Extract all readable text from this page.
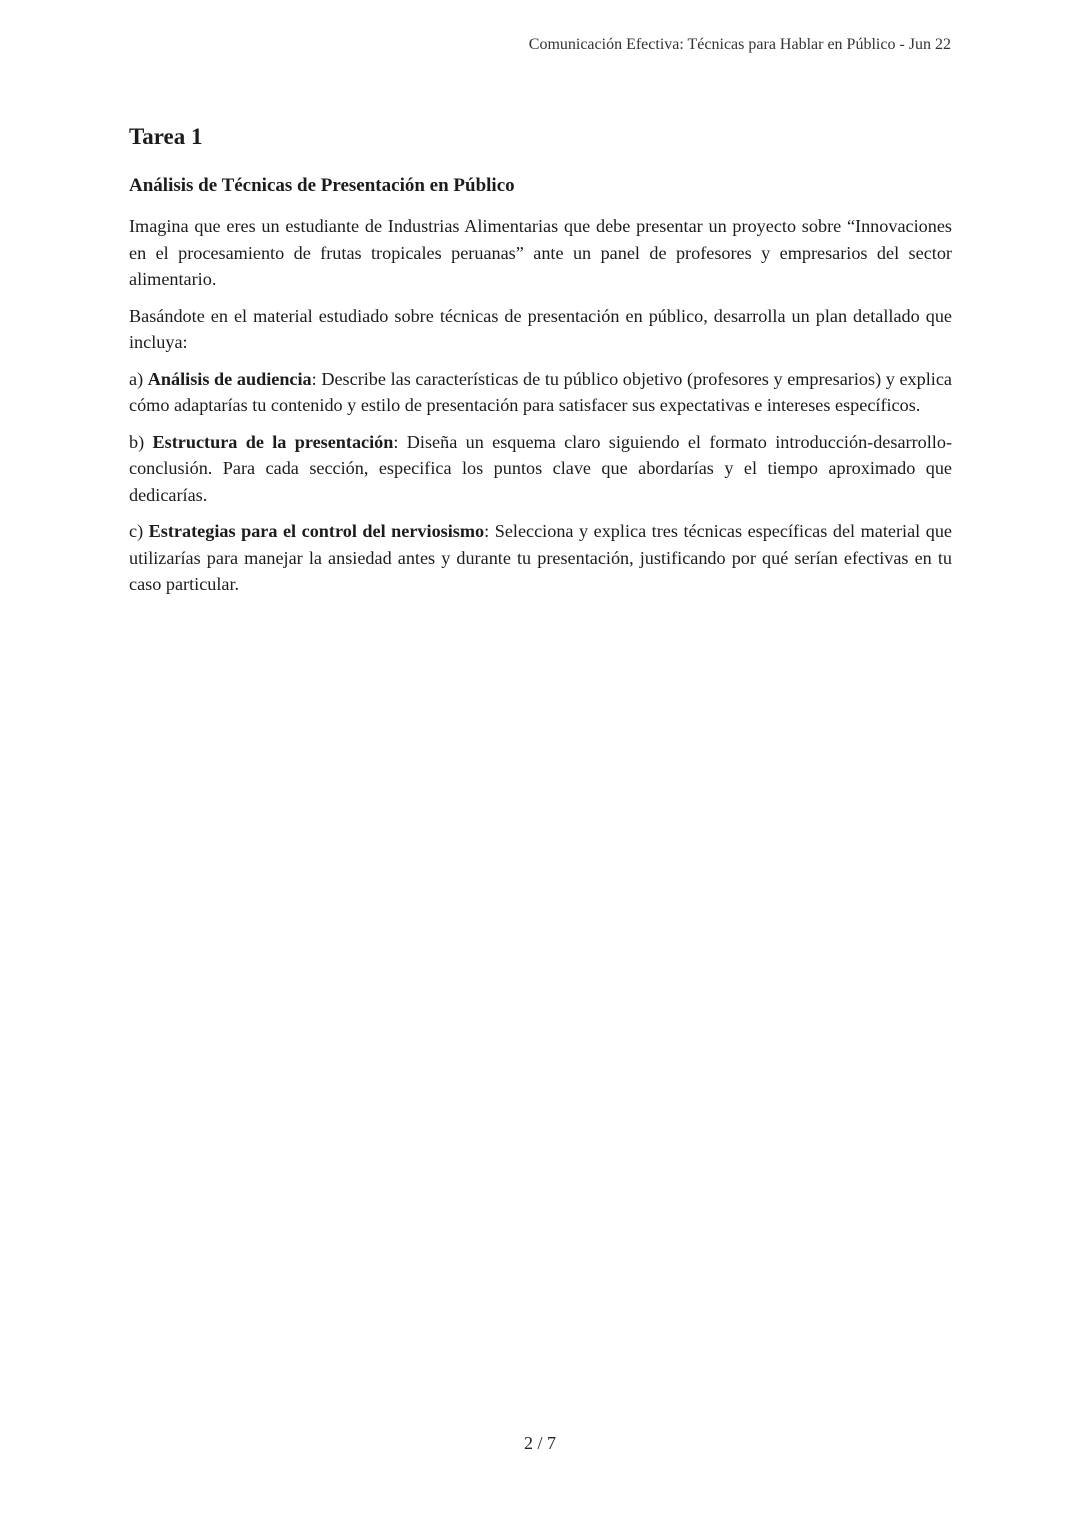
Comunicación Efectiva: Técnicas para Hablar en Público - Jun 22
Tarea 1
Análisis de Técnicas de Presentación en Público

Imagina que eres un estudiante de Industrias Alimentarias que debe presentar un proyecto sobre “Innovaciones en el procesamiento de frutas tropicales peruanas” ante un panel de profesores y empresarios del sector alimentario.

Basándote en el material estudiado sobre técnicas de presentación en público, desarrolla un plan detallado que incluya:

a) Análisis de audiencia: Describe las características de tu público objetivo (profesores y empresarios) y explica cómo adaptarías tu contenido y estilo de presentación para satisfacer sus expectativas e intereses específicos.

b) Estructura de la presentación: Diseña un esquema claro siguiendo el formato introducción-desarrollo-conclusión. Para cada sección, especifica los puntos clave que abordarías y el tiempo aproximado que dedicarías.

c) Estrategias para el control del nerviosismo: Selecciona y explica tres técnicas específicas del material que utilizarías para manejar la ansiedad antes y durante tu presentación, justificando por qué serían efectivas en tu caso particular.

2 / 7
